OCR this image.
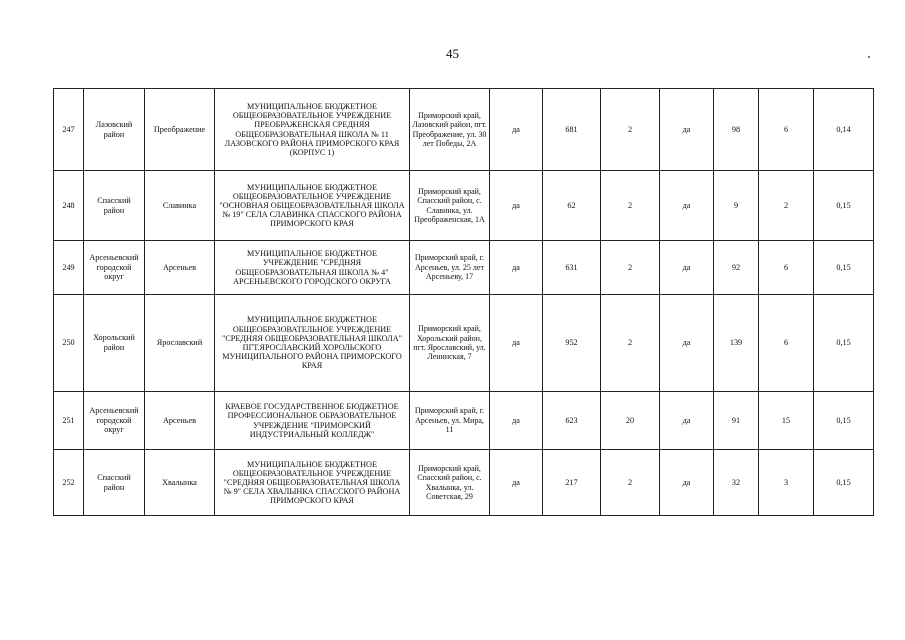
45
247	Лазовский район	Преображение	МУНИЦИПАЛЬНОЕ БЮДЖЕТНОЕ ОБЩЕОБРАЗОВАТЕЛЬНОЕ УЧРЕЖДЕНИЕ ПРЕОБРАЖЕНСКАЯ СРЕДНЯЯ ОБЩЕОБРАЗОВАТЕЛЬНАЯ ШКОЛА № 11 ЛАЗОВСКОГО РАЙОНА ПРИМОРСКОГО КРАЯ (КОРПУС 1)	Приморский край, Лазовский район, пгт. Преображение, ул. 30 лет Победы, 2А	да	681	2	да	98	6	0,14
248	Спасский район	Славинка	МУНИЦИПАЛЬНОЕ БЮДЖЕТНОЕ ОБЩЕОБРАЗОВАТЕЛЬНОЕ УЧРЕЖДЕНИЕ "ОСНОВНАЯ ОБЩЕОБРАЗОВАТЕЛЬНАЯ ШКОЛА № 19" СЕЛА СЛАВИНКА СПАССКОГО РАЙОНА ПРИМОРСКОГО КРАЯ	Приморский край, Спасский район, с. Славинка, ул. Преображенская, 1А	да	62	2	да	9	2	0,15
249	Арсеньевский городской округ	Арсеньев	МУНИЦИПАЛЬНОЕ БЮДЖЕТНОЕ УЧРЕЖДЕНИЕ "СРЕДНЯЯ ОБЩЕОБРАЗОВАТЕЛЬНАЯ ШКОЛА № 4" АРСЕНЬЕВСКОГО ГОРОДСКОГО ОКРУГА	Приморский край, г. Арсеньев, ул. 25 лет Арсеньеву, 17	да	631	2	да	92	6	0,15
250	Хорольский район	Ярославский	МУНИЦИПАЛЬНОЕ БЮДЖЕТНОЕ ОБЩЕОБРАЗОВАТЕЛЬНОЕ УЧРЕЖДЕНИЕ "СРЕДНЯЯ ОБЩЕОБРАЗОВАТЕЛЬНАЯ ШКОЛА" ПГТ.ЯРОСЛАВСКИЙ ХОРОЛЬСКОГО МУНИЦИПАЛЬНОГО РАЙОНА ПРИМОРСКОГО КРАЯ	Приморский край, Хорольский район, пгт. Ярославский, ул. Ленинская, 7	да	952	2	да	139	6	0,15
251	Арсеньевский городской округ	Арсеньев	КРАЕВОЕ ГОСУДАРСТВЕННОЕ БЮДЖЕТНОЕ ПРОФЕССИОНАЛЬНОЕ ОБРАЗОВАТЕЛЬНОЕ УЧРЕЖДЕНИЕ "ПРИМОРСКИЙ ИНДУСТРИАЛЬНЫЙ КОЛЛЕДЖ"	Приморский край, г. Арсеньев, ул. Мира, 11	да	623	20	да	91	15	0,15
252	Спасский район	Хвалынка	МУНИЦИПАЛЬНОЕ БЮДЖЕТНОЕ ОБЩЕОБРАЗОВАТЕЛЬНОЕ УЧРЕЖДЕНИЕ "СРЕДНЯЯ ОБЩЕОБРАЗОВАТЕЛЬНАЯ ШКОЛА № 9" СЕЛА ХВАЛЫНКА СПАССКОГО РАЙОНА ПРИМОРСКОГО КРАЯ	Приморский край, Спасский район, с. Хвалынка, ул. Советская, 29	да	217	2	да	32	3	0,15
